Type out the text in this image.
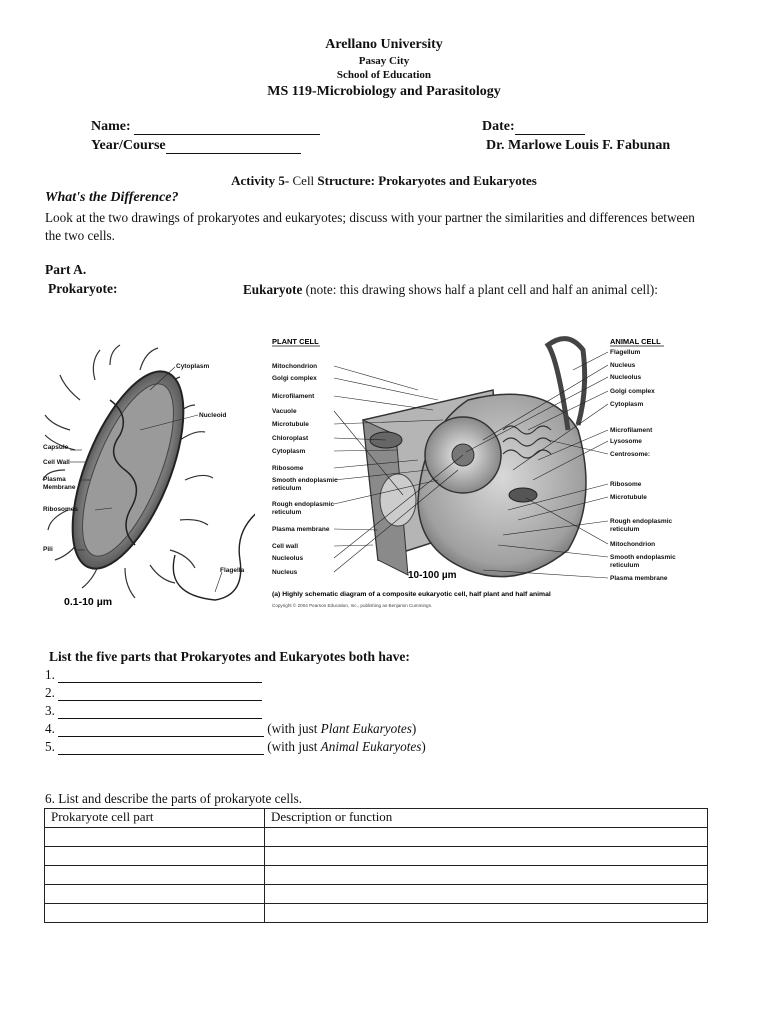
Arellano University
Pasay City
School of Education
MS 119-Microbiology and Parasitology
Name:	Date:
Year/Course	Dr. Marlowe Louis F. Fabunan
Activity 5- Cell Structure: Prokaryotes and Eukaryotes
What's the Difference?
Look at the two drawings of prokaryotes and eukaryotes; discuss with your partner the similarities and differences between the two cells.
Part A.
Prokaryote:	Eukaryote (note: this drawing shows half a plant cell and half an animal cell):
Cytoplasm
Nucleoid
Capsule
Cell Wall
Plasma
Membrane
Ribosomes
Pili
Flagella
0.1-10 µm
PLANT CELL	ANIMAL CELL
Mitochondrion
Golgi complex
Microfilament
Vacuole
Microtubule
Chloroplast
Cytoplasm
Ribosome
Smooth endoplasmic
reticulum
Rough endoplasmic
reticulum
Plasma membrane
Cell wall
Nucleolus
Nucleus
Flagellum
Nucleus
Nucleolus
Golgi complex
Cytoplasm
Microfilament
Lysosome
Centrosome:
Ribosome
Microtubule
Rough endoplasmic
reticulum
Mitochondrion
Smooth endoplasmic
reticulum
Plasma membrane
10-100 µm
(a) Highly schematic diagram of a composite eukaryotic cell, half plant and half animal
Copyright © 2004 Pearson Education, Inc., publishing as Benjamin Cummings.
List the five parts that Prokaryotes and Eukaryotes both have:
1.
2.
3.
4.	(with just Plant Eukaryotes)
5.	(with just Animal Eukaryotes)
6. List and describe the parts of prokaryote cells.
Prokaryote cell part	Description or function
